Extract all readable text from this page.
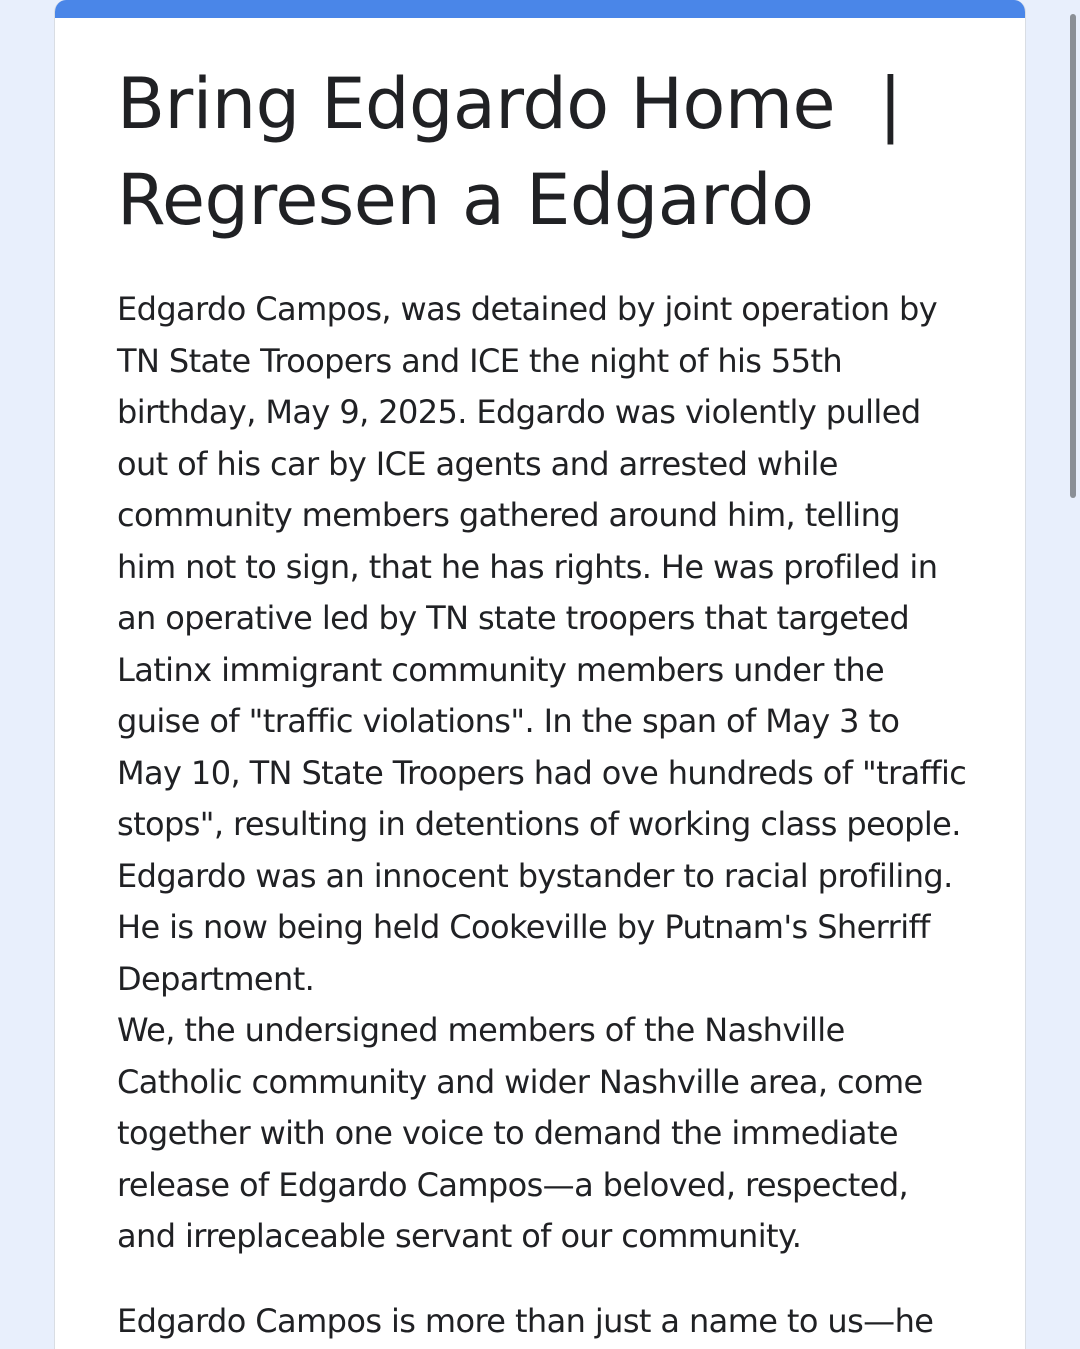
Bring Edgardo Home  |
Regresen a Edgardo

Edgardo Campos, was detained by joint operation by TN State Troopers and ICE the night of his 55th birthday, May 9, 2025. Edgardo was violently pulled out of his car by ICE agents and arrested while community members gathered around him, telling him not to sign, that he has rights. He was profiled in an operative led by TN state troopers that targeted Latinx immigrant community members under the guise of "traffic violations". In the span of May 3 to May 10, TN State Troopers had ove hundreds of "traffic stops", resulting in detentions of working class people. Edgardo was an innocent bystander to racial profiling. He is now being held Cookeville by Putnam's Sherriff Department.

We, the undersigned members of the Nashville Catholic community and wider Nashville area, come together with one voice to demand the immediate release of Edgardo Campos—a beloved, respected, and irreplaceable servant of our community.

Edgardo Campos is more than just a name to us—he
